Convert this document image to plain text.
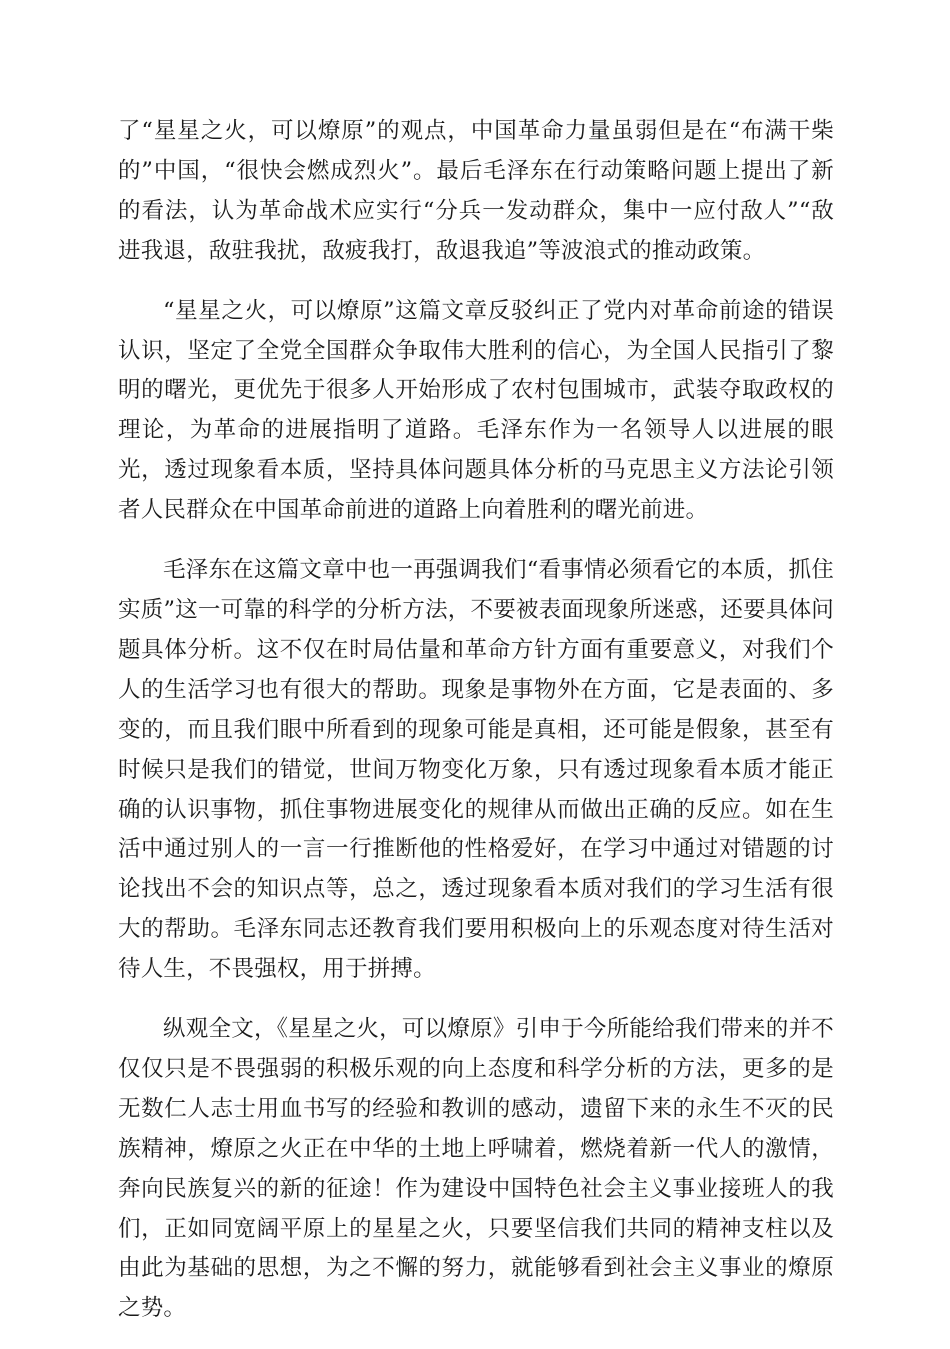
了“星星之火，可以燎原”的观点，中国革命力量虽弱但是在“布满干柴的”中国，“很快会燃成烈火”。最后毛泽东在行动策略问题上提出了新的看法，认为革命战术应实行“分兵一发动群众，集中一应付敌人”“敌进我退，敌驻我扰，敌疲我打，敌退我追”等波浪式的推动政策。

“星星之火，可以燎原”这篇文章反驳纠正了党内对革命前途的错误认识，坚定了全党全国群众争取伟大胜利的信心，为全国人民指引了黎明的曙光，更优先于很多人开始形成了农村包围城市，武装夺取政权的理论，为革命的进展指明了道路。毛泽东作为一名领导人以进展的眼光，透过现象看本质，坚持具体问题具体分析的马克思主义方法论引领者人民群众在中国革命前进的道路上向着胜利的曙光前进。

毛泽东在这篇文章中也一再强调我们“看事情必须看它的本质，抓住实质”这一可靠的科学的分析方法，不要被表面现象所迷惑，还要具体问题具体分析。这不仅在时局估量和革命方针方面有重要意义，对我们个人的生活学习也有很大的帮助。现象是事物外在方面，它是表面的、多变的，而且我们眼中所看到的现象可能是真相，还可能是假象，甚至有时候只是我们的错觉，世间万物变化万象，只有透过现象看本质才能正确的认识事物，抓住事物进展变化的规律从而做出正确的反应。如在生活中通过别人的一言一行推断他的性格爱好，在学习中通过对错题的讨论找出不会的知识点等，总之，透过现象看本质对我们的学习生活有很大的帮助。毛泽东同志还教育我们要用积极向上的乐观态度对待生活对待人生，不畏强权，用于拼搏。

纵观全文，《星星之火，可以燎原》引申于今所能给我们带来的并不仅仅只是不畏强弱的积极乐观的向上态度和科学分析的方法，更多的是无数仁人志士用血书写的经验和教训的感动，遗留下来的永生不灭的民族精神，燎原之火正在中华的土地上呼啸着，燃烧着新一代人的激情，奔向民族复兴的新的征途！作为建设中国特色社会主义事业接班人的我们，正如同宽阔平原上的星星之火，只要坚信我们共同的精神支柱以及由此为基础的思想，为之不懈的努力，就能够看到社会主义事业的燎原之势。
